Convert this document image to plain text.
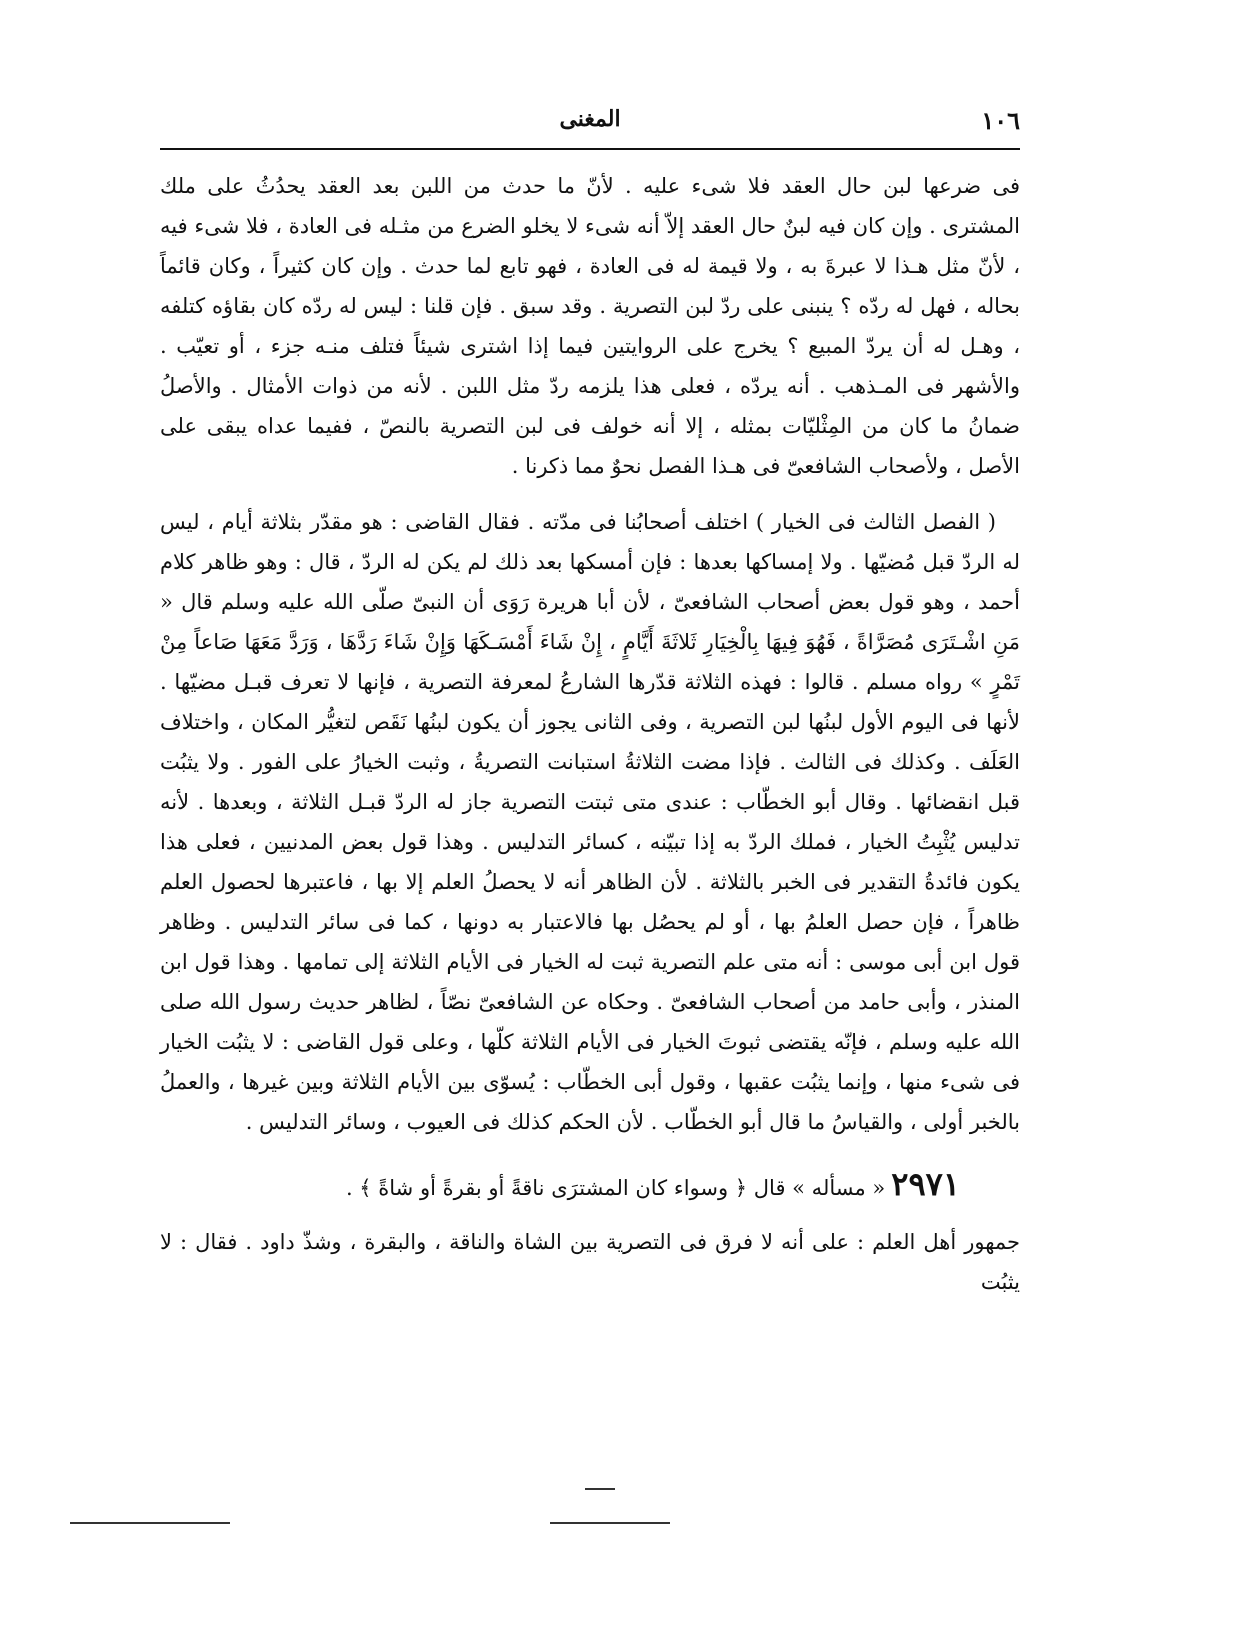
١٠٦
المغنى

فى ضرعها لبن حال العقد فلا شىء عليه . لأنّ ما حدث من اللبن بعد العقد يحدُثُ على ملك المشترى . وإن كان فيه لبنٌ حال العقد إلاّ أنه شىء لا يخلو الضرع من مثـله فى العادة ، فلا شىء فيه ، لأنّ مثل هـذا لا عبرةَ به ، ولا قيمة له فى العادة ، فهو تابع لما حدث . وإن كان كثيراً ، وكان قائماً بحاله ، فهل له ردّه ؟ ينبنى على ردّ لبن التصرية . وقد سبق . فإن قلنا : ليس له ردّه كان بقاؤه كتلفه ، وهـل له أن يردّ المبيع ؟ يخرج على الروايتين فيما إذا اشترى شيئاً فتلف منـه جزء ، أو تعيّب . والأشهر فى المـذهب . أنه يردّه ، فعلى هذا يلزمه ردّ مثل اللبن . لأنه من ذوات الأمثال . والأصلُ ضمانُ ما كان من المِثْليّات بمثله ، إلا أنه خولف فى لبن التصرية بالنصّ ، ففيما عداه يبقى على الأصل ، ولأصحاب الشافعىّ فى هـذا الفصل نحوٌ مما ذكرنا .

( الفصل الثالث فى الخيار ) اختلف أصحابُنا فى مدّته . فقال القاضى : هو مقدّر بثلاثة أيام ، ليس له الردّ قبل مُضيّها . ولا إمساكها بعدها : فإن أمسكها بعد ذلك لم يكن له الردّ ، قال : وهو ظاهر كلام أحمد ، وهو قول بعض أصحاب الشافعىّ ، لأن أبا هريرة رَوَى أن النبىّ صلّى الله عليه وسلم قال « مَنِ اشْـتَرَى مُصَرَّاةً ، فَهُوَ فِيهَا بِالْخِيَارِ ثَلاثَةَ أَيَّامٍ ، إِنْ شَاءَ أَمْسَـكَهَا وَإِنْ شَاءَ رَدَّهَا ، وَرَدَّ مَعَهَا صَاعاً مِنْ تَمْرٍ » رواه مسلم . قالوا : فهذه الثلاثة قدّرها الشارعُ لمعرفة التصرية ، فإنها لا تعرف قبـل مضيّها . لأنها فى اليوم الأول لبنُها لبن التصرية ، وفى الثانى يجوز أن يكون لبنُها نَقَص لتغيُّر المكان ، واختلاف العَلَف . وكذلك فى الثالث . فإذا مضت الثلاثةُ استبانت التصريةُ ، وثبت الخيارُ على الفور . ولا يثبُت قبل انقضائها . وقال أبو الخطّاب : عندى متى ثبتت التصرية جاز له الردّ قبـل الثلاثة ، وبعدها . لأنه تدليس يُثْبِتُ الخيار ، فملك الردّ به إذا تبيّنه ، كسائر التدليس . وهذا قول بعض المدنيين ، فعلى هذا يكون فائدةُ التقدير فى الخبر بالثلاثة . لأن الظاهر أنه لا يحصلُ العلم إلا بها ، فاعتبرها لحصول العلم ظاهراً ، فإن حصل العلمُ بها ، أو لم يحصُل بها فالاعتبار به دونها ، كما فى سائر التدليس . وظاهر قول ابن أبى موسى : أنه متى علم التصرية ثبت له الخيار فى الأيام الثلاثة إلى تمامها . وهذا قول ابن المنذر ، وأبى حامد من أصحاب الشافعىّ . وحكاه عن الشافعىّ نصّاً ، لظاهر حديث رسول الله صلى الله عليه وسلم ، فإنّه يقتضى ثبوتَ الخيار فى الأيام الثلاثة كلّها ، وعلى قول القاضى : لا يثبُت الخيار فى شىء منها ، وإنما يثبُت عقبها ، وقول أبى الخطّاب : يُسوّى بين الأيام الثلاثة وبين غيرها ، والعملُ بالخبر أولى ، والقياسُ ما قال أبو الخطّاب . لأن الحكم كذلك فى العيوب ، وسائر التدليس .

٢٩٧١« مسأله » قال ﴿ وسواء كان المشترَى ناقةً أو بقرةً أو شاةً ﴾ .

جمهور أهل العلم : على أنه لا فرق فى التصرية بين الشاة والناقة ، والبقرة ، وشذّ داود . فقال : لا يثبُت
